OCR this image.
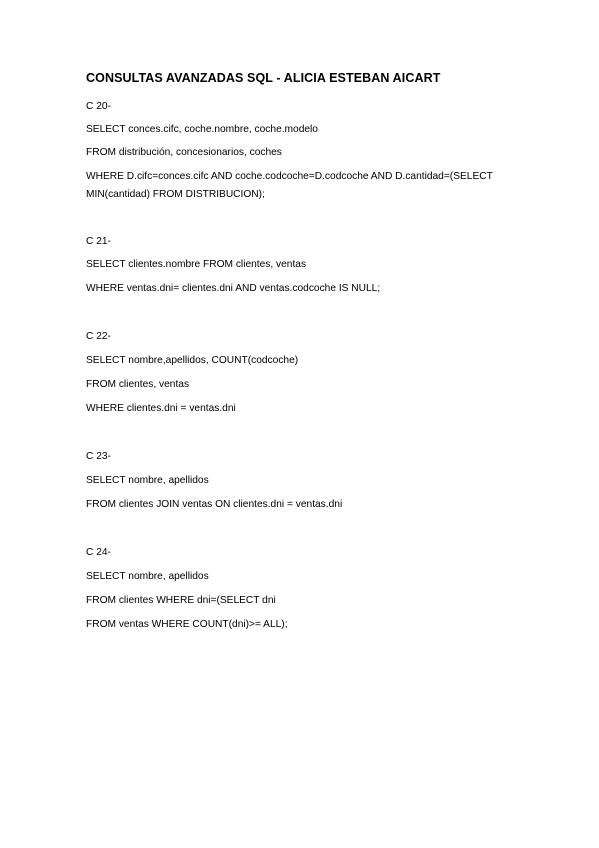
CONSULTAS AVANZADAS SQL - ALICIA ESTEBAN AICART
C 20-
SELECT conces.cifc, coche.nombre, coche.modelo
FROM distribución, concesionarios, coches
WHERE D.cifc=conces.cifc AND coche.codcoche=D.codcoche AND D.cantidad=(SELECT MIN(cantidad) FROM DISTRIBUCION);
C 21-
SELECT clientes.nombre FROM clientes, ventas
WHERE ventas.dni= clientes.dni AND ventas.codcoche IS NULL;
C 22-
SELECT nombre,apellidos, COUNT(codcoche)
FROM clientes, ventas
WHERE clientes.dni = ventas.dni
C 23-
SELECT nombre, apellidos
FROM clientes JOIN ventas ON clientes.dni = ventas.dni
C 24-
SELECT nombre, apellidos
FROM clientes WHERE dni=(SELECT dni
FROM ventas WHERE COUNT(dni)>= ALL);
